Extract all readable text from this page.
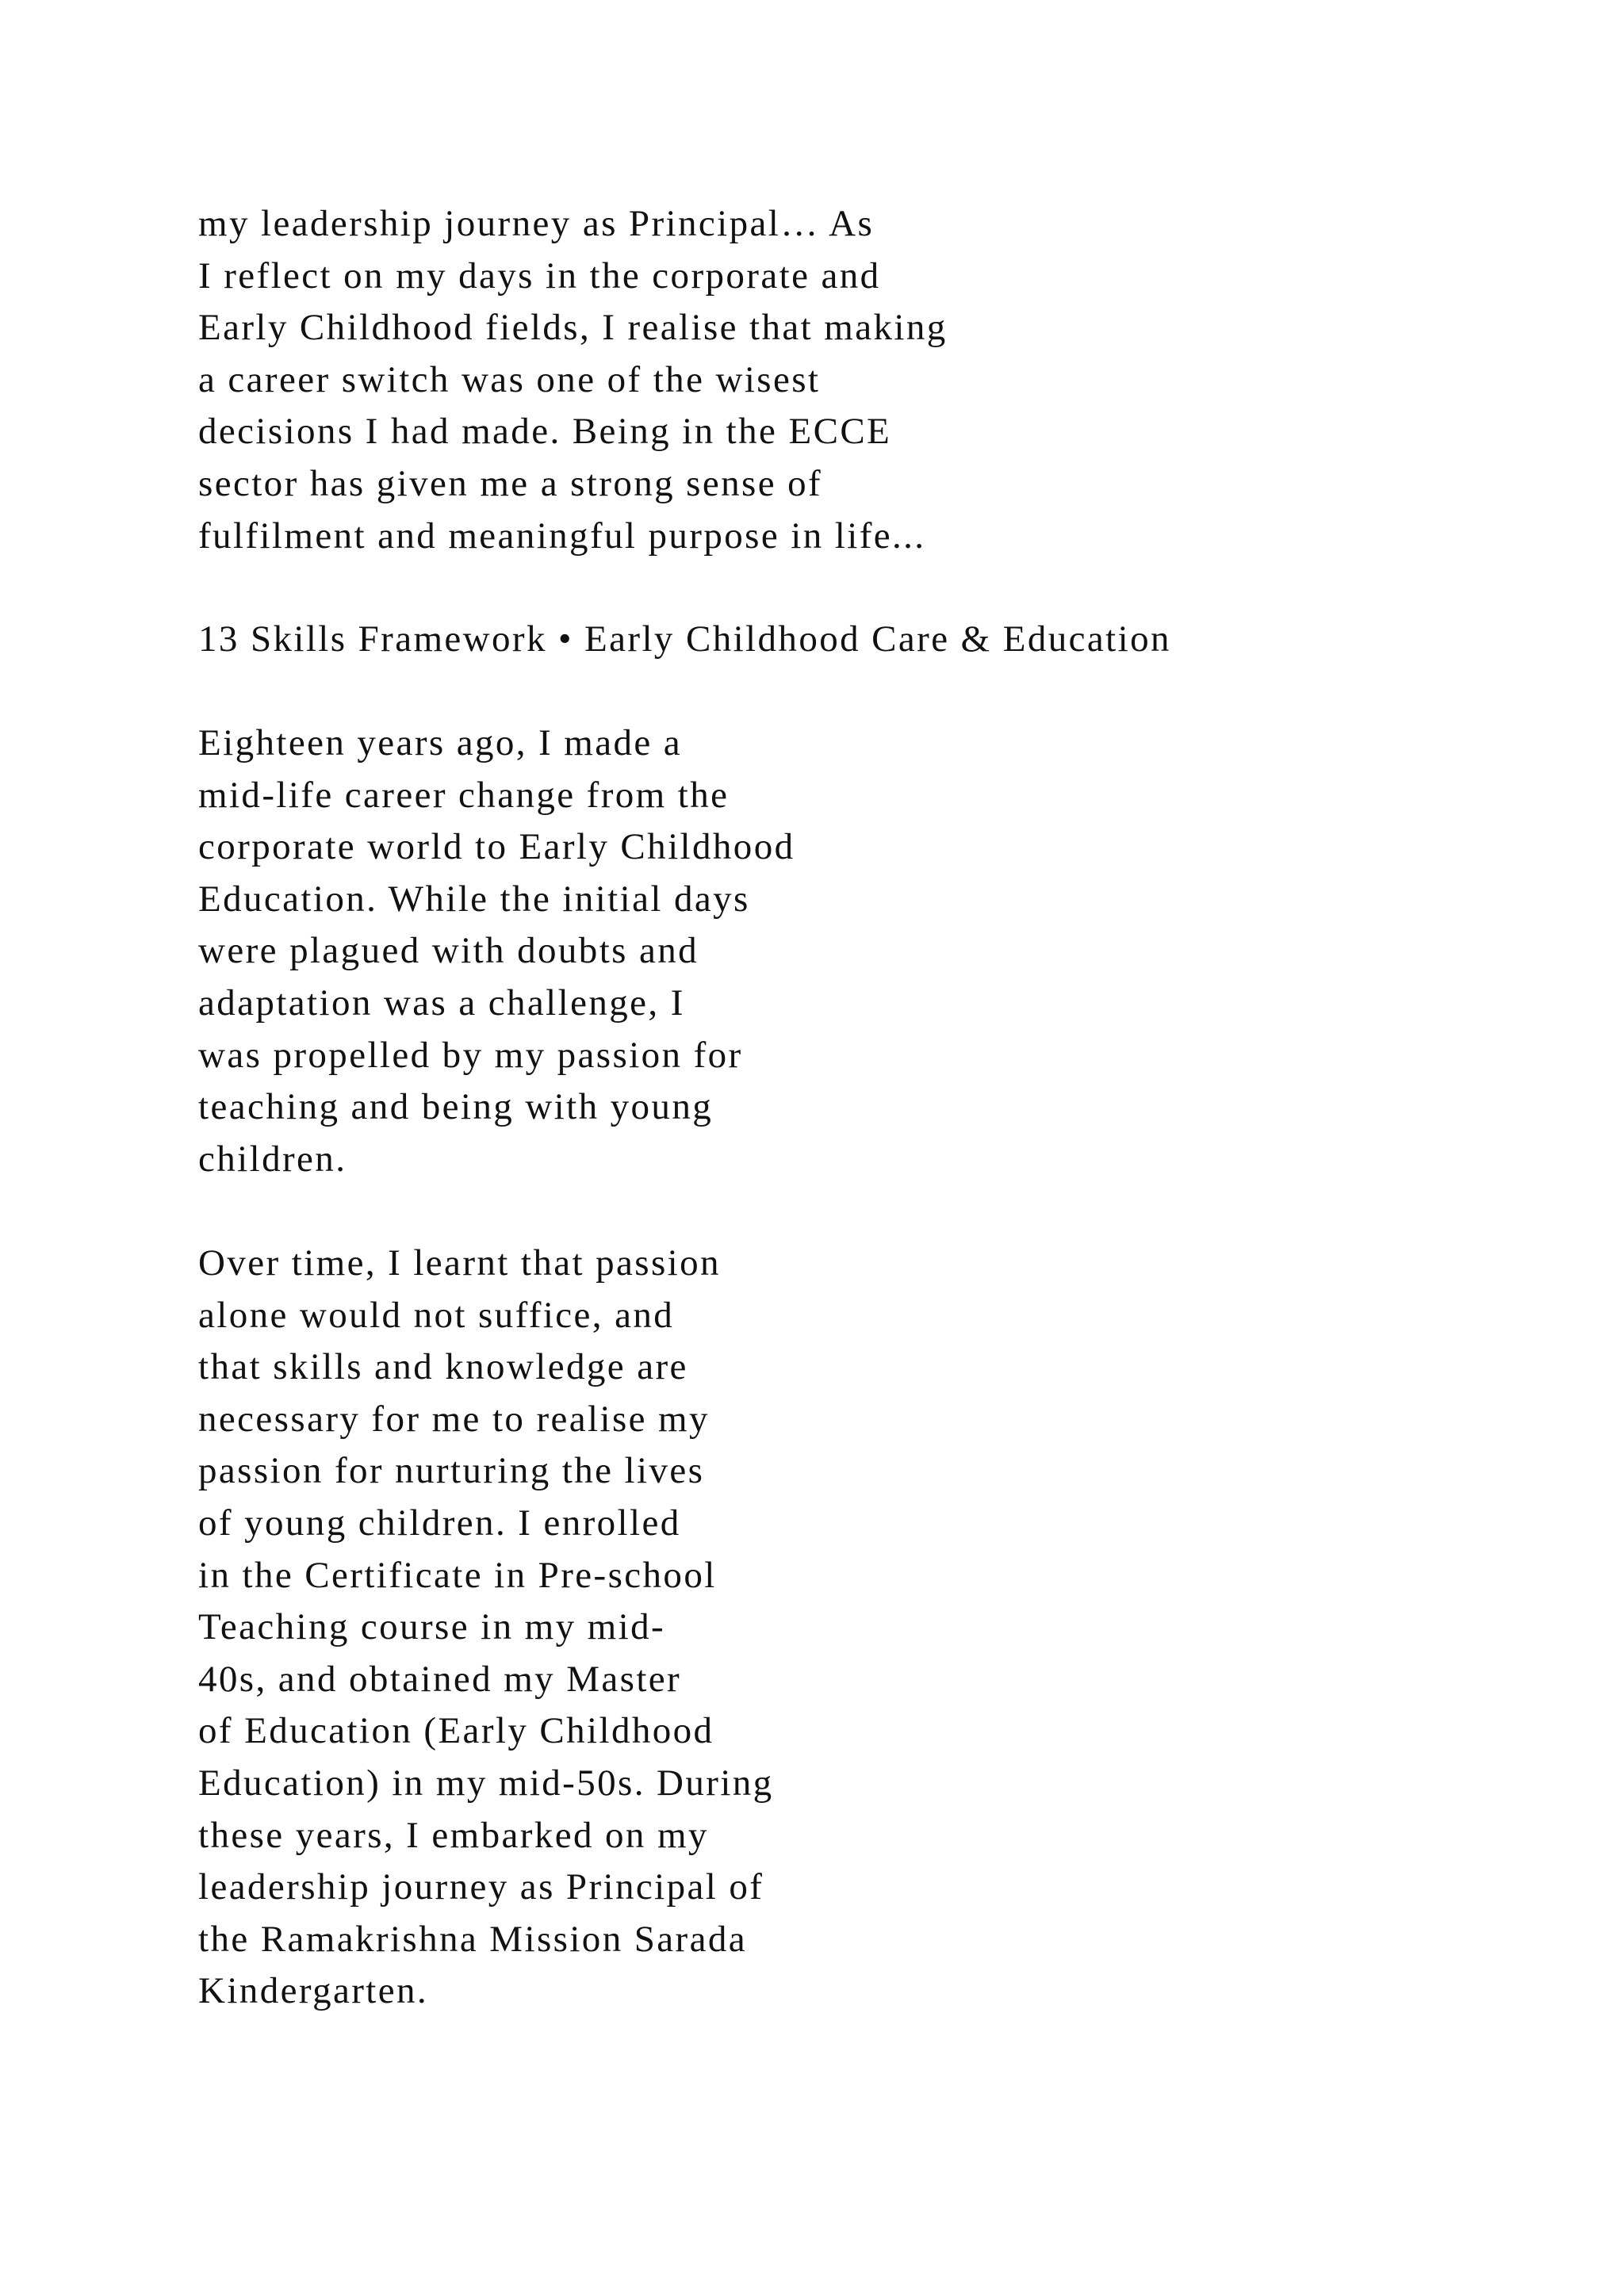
my leadership journey as Principal… As
I reflect on my days in the corporate and
Early Childhood fields, I realise that making
a career switch was one of the wisest
decisions I had made. Being in the ECCE
sector has given me a strong sense of
fulfilment and meaningful purpose in life...
13 Skills Framework • Early Childhood Care & Education
Eighteen years ago, I made a
mid-life career change from the
corporate world to Early Childhood
Education. While the initial days
were plagued with doubts and
adaptation was a challenge, I
was propelled by my passion for
teaching and being with young
children.
Over time, I learnt that passion
alone would not suffice, and
that skills and knowledge are
necessary for me to realise my
passion for nurturing the lives
of young children. I enrolled
in the Certificate in Pre-school
Teaching course in my mid-
40s, and obtained my Master
of Education (Early Childhood
Education) in my mid-50s. During
these years, I embarked on my
leadership journey as Principal of
the Ramakrishna Mission Sarada
Kindergarten.
